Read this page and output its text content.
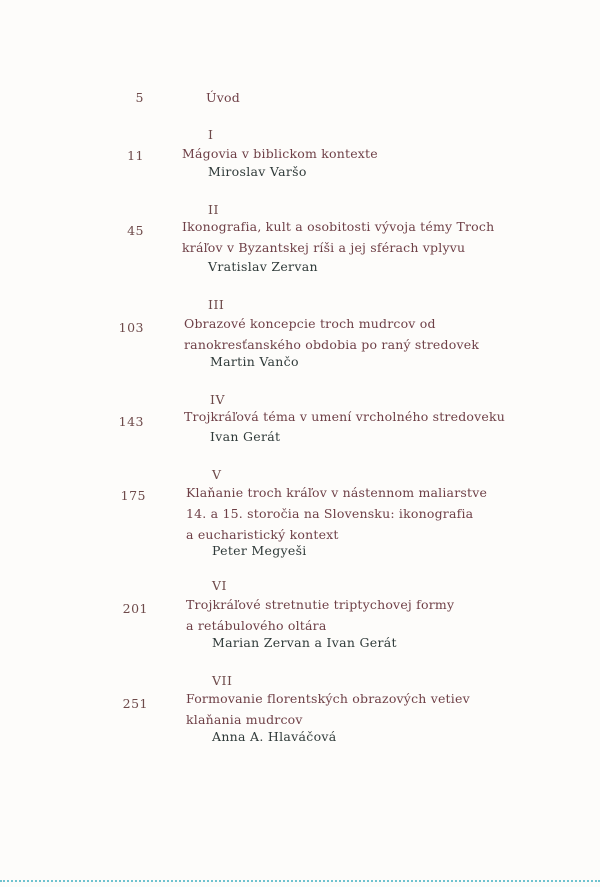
5	Úvod
I
11	Mágovia v biblickom kontexte
Miroslav Varšo
II
45	Ikonografia, kult a osobitosti vývoja témy Troch
kráľov v Byzantskej ríši a jej sférach vplyvu
Vratislav Zervan
III
103	Obrazové koncepcie troch mudrcov od
ranokresťanského obdobia po raný stredovek
Martin Vančo
IV
143	Trojkráľová téma v umení vrcholného stredoveku
Ivan Gerát
V
175	Klaňanie troch kráľov v nástennom maliarstve
14. a 15. storočia na Slovensku: ikonografia
a eucharistický kontext
Peter Megyeši
VI
201	Trojkráľové stretnutie triptychovej formy
a retábulového oltára
Marian Zervan a Ivan Gerát
VII
251	Formovanie florentských obrazových vetiev
klaňania mudrcov
Anna A. Hlaváčová
